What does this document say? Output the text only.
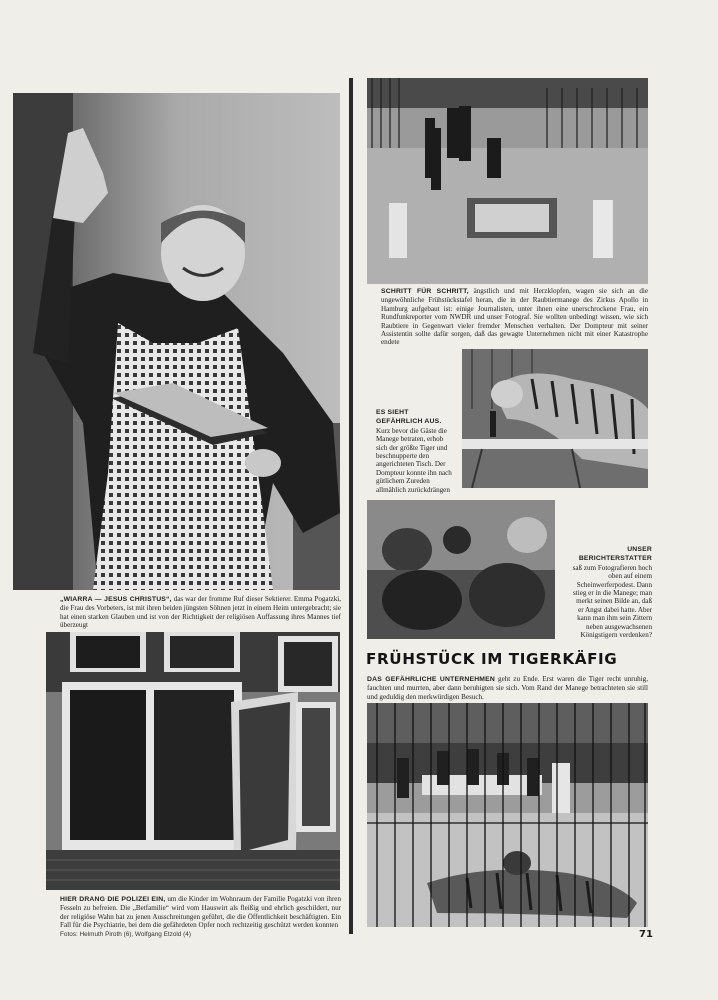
„WIARRA — JESUS CHRISTUS“, das war der fromme Ruf dieser Sektierer. Emma Pogatzki, die Frau des Vorbeters, ist mit ihren beiden jüngsten Söhnen jetzt in einem Heim untergebracht; sie hat einen starken Glauben und ist von der Richtigkeit der religiösen Auffassung ihres Mannes tief überzeugt
HIER DRANG DIE POLIZEI EIN, um die Kinder im Wohnraum der Familie Pogatzki von ihren Fesseln zu befreien. Die „Betfamilie“ wird vom Hauswirt als fleißig und ehrlich geschildert, nur der religiöse Wahn hat zu jenen Ausschreitungen geführt, die die Öffentlichkeit beschäftigten. Ein Fall für die Psychiatrie, bei dem die gefährdeten Opfer noch rechtzeitig geschützt werden konnten
Fotos: Helmuth Piroth (6), Wolfgang Etzold (4)
SCHRITT FÜR SCHRITT, ängstlich und mit Herzklopfen, wagen sie sich an die ungewöhnliche Frühstückstafel heran, die in der Raubtiermanege des Zirkus Apollo in Hamburg aufgebaut ist: einige Journalisten, unter ihnen eine unerschrockene Frau, ein Rundfunkreporter vom NWDR und unser Fotograf. Sie wollten unbedingt wissen, wie sich Raubtiere in Gegenwart vieler fremder Menschen verhalten. Der Dompteur mit seiner Assistentin sollte dafür sorgen, daß das gewagte Unternehmen nicht mit einer Katastrophe endete
ES SIEHT GEFÄHRLICH AUS. Kurz bevor die Gäste die Manege betraten, erhob sich der größte Tiger und beschnupperte den angerichteten Tisch. Der Dompteur konnte ihn nach gütlichem Zureden allmählich zurückdrängen
UNSER BERICHTERSTATTER saß zum Fotografieren hoch oben auf einem Scheinwerferpodest. Dann stieg er in die Manege; man merkt seinen Bilde an, daß er Angst dabei hatte. Aber kann man ihm sein Zittern neben ausgewachsenen Königstigern verdenken?
FRÜHSTÜCK IM TIGERKÄFIG
DAS GEFÄHRLICHE UNTERNEHMEN geht zu Ende. Erst waren die Tiger recht unruhig, fauchten und murrten, aber dann beruhigten sie sich. Vom Rand der Manege betrachteten sie still und geduldig den merkwürdigen Besuch.
71
